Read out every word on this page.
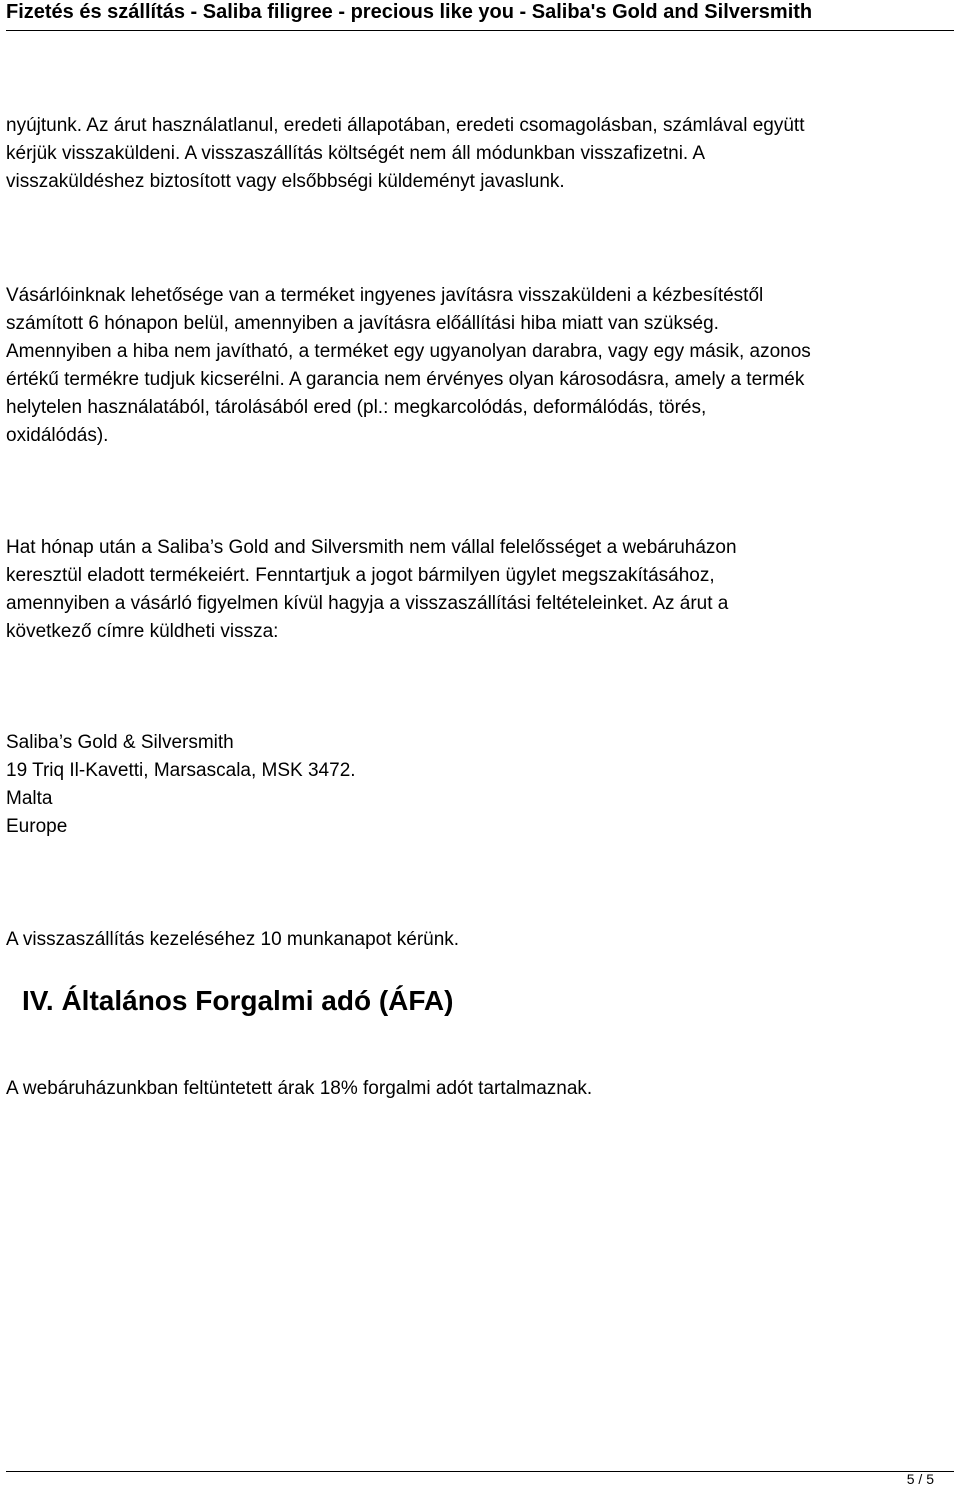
Fizetés és szállítás - Saliba filigree - precious like you - Saliba's Gold and Silversmith

nyújtunk. Az árut használatlanul, eredeti állapotában, eredeti csomagolásban, számlával együtt
kérjük visszaküldeni. A visszaszállítás költségét nem áll módunkban visszafizetni. A
visszaküldéshez biztosított vagy elsőbbségi küldeményt javaslunk.

Vásárlóinknak lehetősége van a terméket ingyenes javításra visszaküldeni a kézbesítéstől
számított 6 hónapon belül, amennyiben a javításra előállítási hiba miatt van szükség.
Amennyiben a hiba nem javítható, a terméket egy ugyanolyan darabra, vagy egy másik, azonos
értékű termékre tudjuk kicserélni. A garancia nem érvényes olyan károsodásra, amely a termék
helytelen használatából, tárolásából ered (pl.: megkarcolódás, deformálódás, törés,
oxidálódás).

Hat hónap után a Saliba’s Gold and Silversmith nem vállal felelősséget a webáruházon
keresztül eladott termékeiért. Fenntartjuk a jogot bármilyen ügylet megszakításához,
amennyiben a vásárló figyelmen kívül hagyja a visszaszállítási feltételeinket. Az árut a
következő címre küldheti vissza:

Saliba’s Gold & Silversmith
19 Triq Il-Kavetti, Marsascala, MSK 3472.
Malta
Europe

A visszaszállítás kezeléséhez 10 munkanapot kérünk.

IV. Általános Forgalmi adó (ÁFA)

A webáruházunkban feltüntetett árak 18% forgalmi adót tartalmaznak.

5 / 5
